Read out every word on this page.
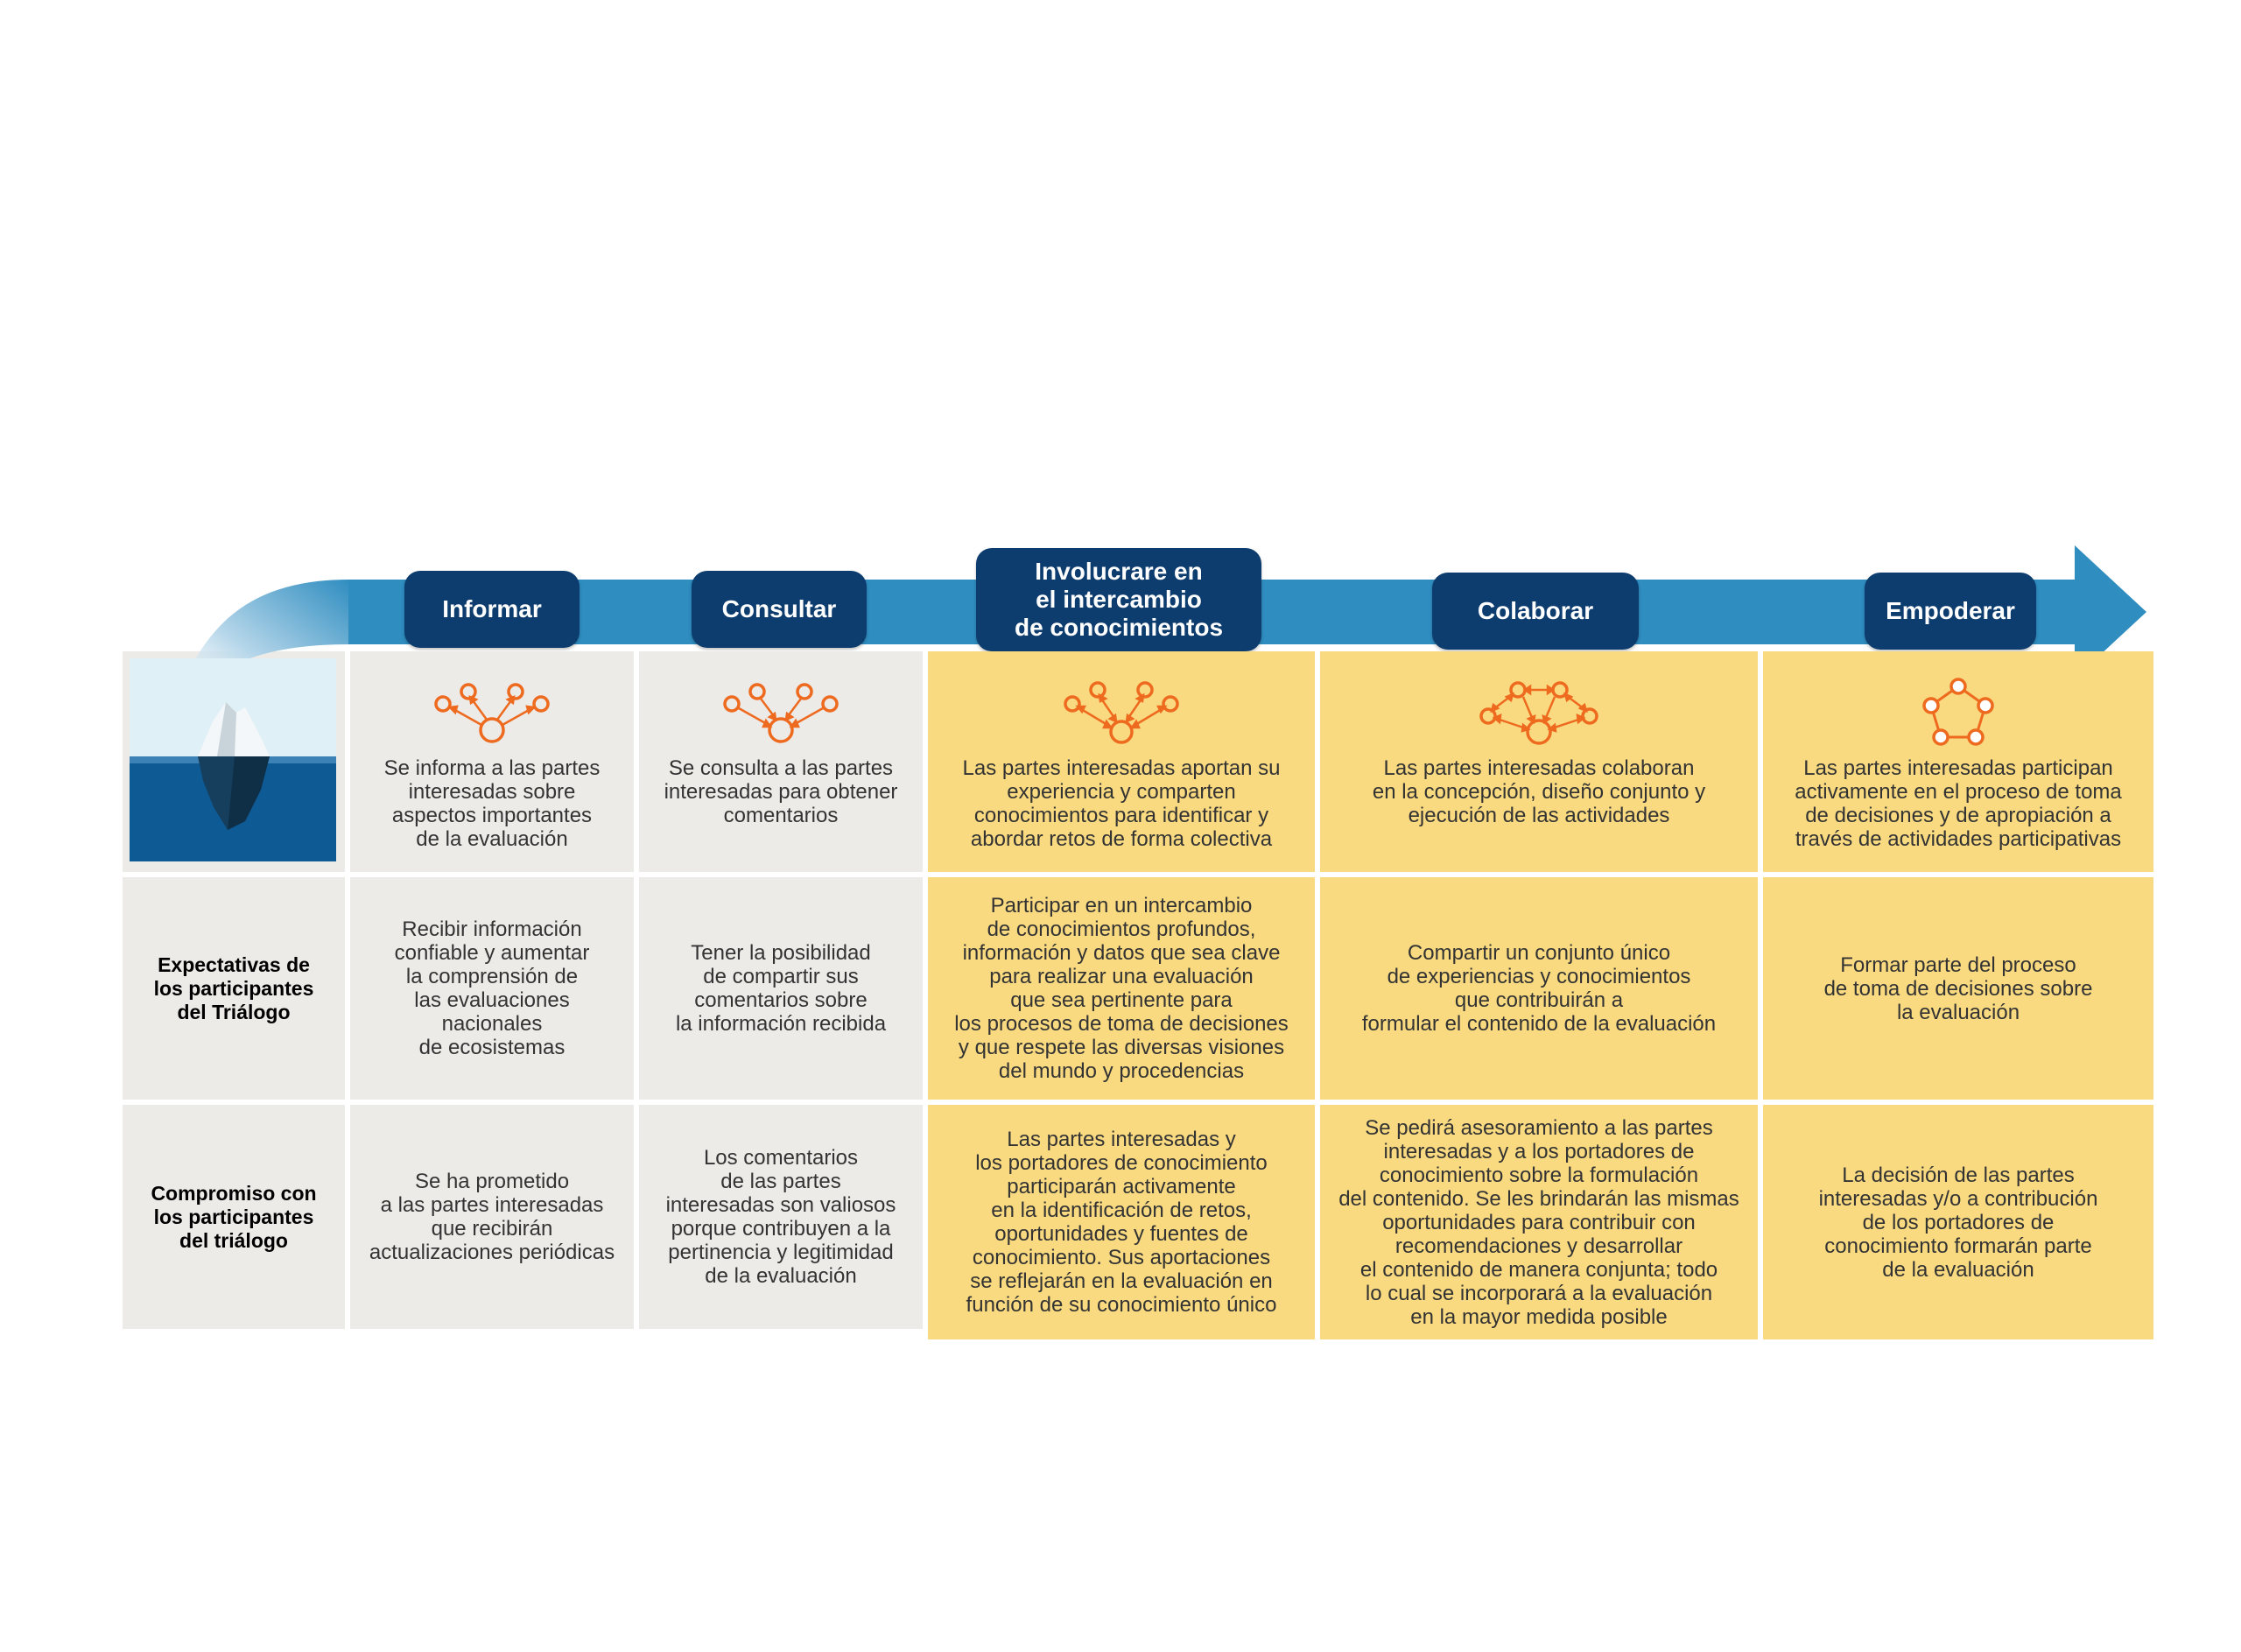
Informar	Consultar
Involucrare en
el intercambio
de conocimientos
Colaborar	Empoderar
Se informa a las partes
interesadas sobre
aspectos importantes
de la evaluación
Se consulta a las partes
interesadas para obtener
comentarios
Las partes interesadas aportan su
experiencia y comparten
conocimientos para identificar y
abordar retos de forma colectiva
Las partes interesadas colaboran
en la concepción, diseño conjunto y
ejecución de las actividades
Las partes interesadas participan
activamente en el proceso de toma
de decisiones y de apropiación a
través de actividades participativas
Expectativas de
los participantes
del Triálogo
Recibir información
confiable y aumentar
la comprensión de
las evaluaciones
nacionales
de ecosistemas
Tener la posibilidad
de compartir sus
comentarios sobre
la información recibida
Participar en un intercambio
de conocimientos profundos,
información y datos que sea clave
para realizar una evaluación
que sea pertinente para
los procesos de toma de decisiones
y que respete las diversas visiones
del mundo y procedencias
Compartir un conjunto único
de experiencias y conocimientos
que contribuirán a
formular el contenido de la evaluación
Formar parte del proceso
de toma de decisiones sobre
la evaluación
Compromiso con
los participantes
del triálogo
Se ha prometido
a las partes interesadas
que recibirán
actualizaciones periódicas
Los comentarios
de las partes
interesadas son valiosos
porque contribuyen a la
pertinencia y legitimidad
de la evaluación
Las partes interesadas y
los portadores de conocimiento
participarán activamente
en la identificación de retos,
oportunidades y fuentes de
conocimiento. Sus aportaciones
se reflejarán en la evaluación en
función de su conocimiento único
Se pedirá asesoramiento a las partes
interesadas y a los portadores de
conocimiento sobre la formulación
del contenido. Se les brindarán las mismas
oportunidades para contribuir con
recomendaciones y desarrollar
el contenido de manera conjunta; todo
lo cual se incorporará a la evaluación
en la mayor medida posible
La decisión de las partes
interesadas y/o a contribución
de los portadores de
conocimiento formarán parte
de la evaluación
